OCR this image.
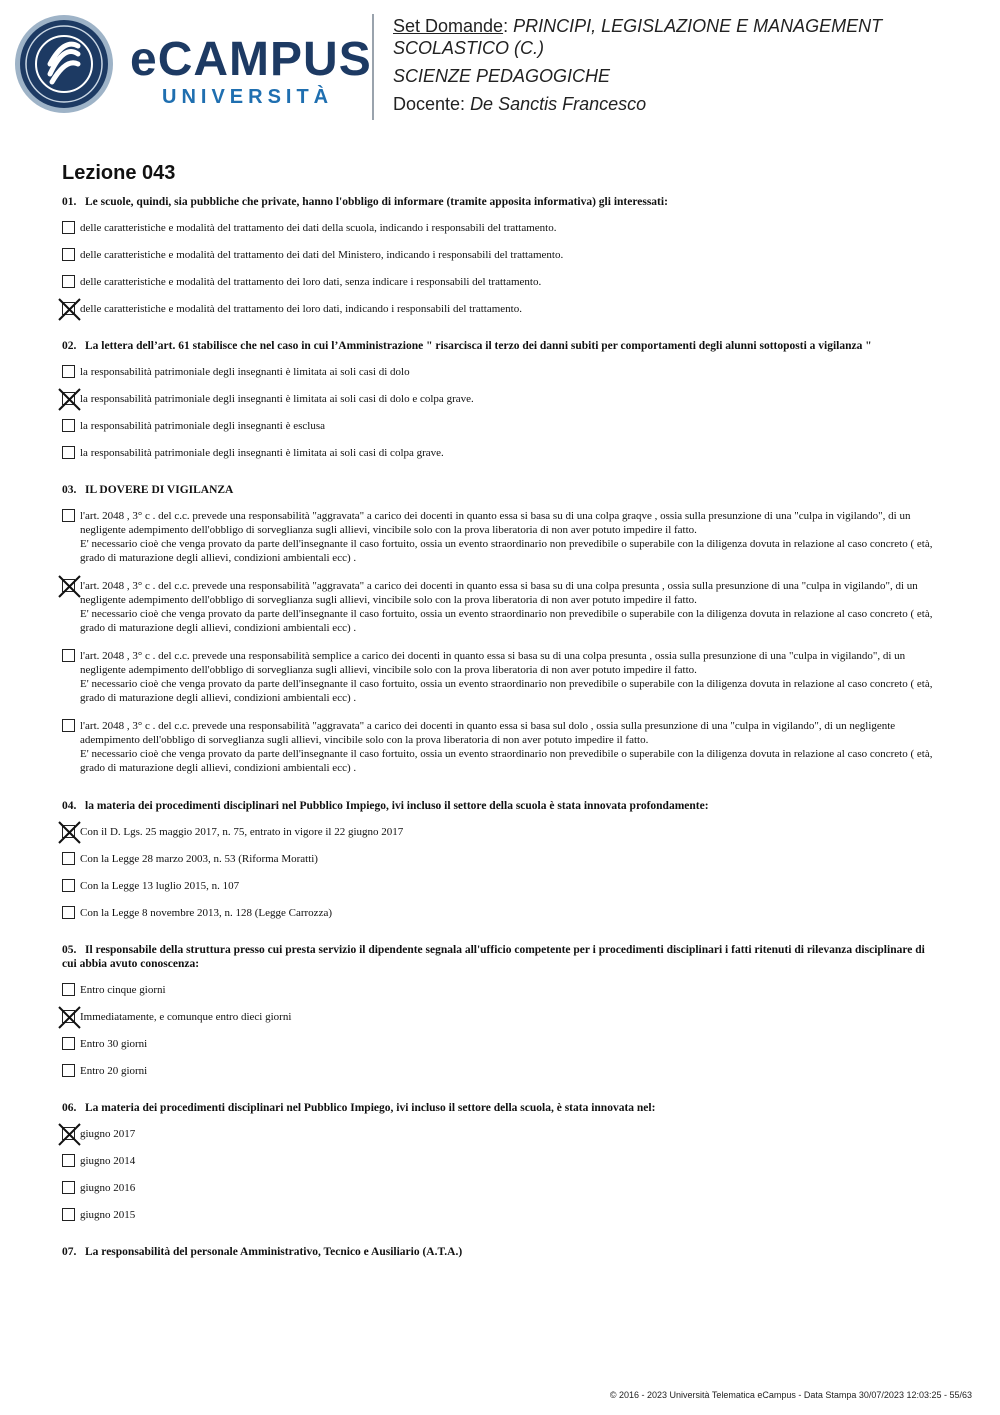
eCAMPUS
UNIVERSITÀ
Set Domande: PRINCIPI, LEGISLAZIONE E MANAGEMENT SCOLASTICO (C.)
SCIENZE PEDAGOGICHE
Docente: De Sanctis Francesco
Lezione 043
01. Le scuole, quindi, sia pubbliche che private, hanno l'obbligo di informare (tramite apposita informativa) gli interessati:
delle caratteristiche e modalità del trattamento dei dati della scuola, indicando i responsabili del trattamento.
delle caratteristiche e modalità del trattamento dei dati del Ministero, indicando i responsabili del trattamento.
delle caratteristiche e modalità del trattamento dei loro dati, senza indicare i responsabili del trattamento.
delle caratteristiche e modalità del trattamento dei loro dati, indicando i responsabili del trattamento.
02. La lettera dell’art. 61 stabilisce che nel caso in cui l’Amministrazione " risarcisca il terzo dei danni subiti per comportamenti degli alunni sottoposti a vigilanza "
la responsabilità patrimoniale degli insegnanti è limitata ai soli casi di dolo
la responsabilità patrimoniale degli insegnanti è limitata ai soli casi di dolo e colpa grave.
la responsabilità patrimoniale degli insegnanti è esclusa
la responsabilità patrimoniale degli insegnanti è limitata ai soli casi di colpa grave.
03. IL DOVERE DI VIGILANZA
l'art. 2048 , 3° c . del c.c. prevede una responsabilità "aggravata" a carico dei docenti in quanto essa si basa su di una colpa graqve , ossia sulla presunzione di una "culpa in vigilando", di un negligente adempimento dell'obbligo di sorveglianza sugli allievi, vincibile solo con la prova liberatoria di non aver potuto impedire il fatto.
E' necessario cioè che venga provato da parte dell'insegnante il caso fortuito, ossia un evento straordinario non prevedibile o superabile con la diligenza dovuta in relazione al caso concreto ( età, grado di maturazione degli allievi, condizioni ambientali ecc) .
l'art. 2048 , 3° c . del c.c. prevede una responsabilità "aggravata" a carico dei docenti in quanto essa si basa su di una colpa presunta , ossia sulla presunzione di una "culpa in vigilando", di un negligente adempimento dell'obbligo di sorveglianza sugli allievi, vincibile solo con la prova liberatoria di non aver potuto impedire il fatto.
E' necessario cioè che venga provato da parte dell'insegnante il caso fortuito, ossia un evento straordinario non prevedibile o superabile con la diligenza dovuta in relazione al caso concreto ( età, grado di maturazione degli allievi, condizioni ambientali ecc) .
l'art. 2048 , 3° c . del c.c. prevede una responsabilità semplice a carico dei docenti in quanto essa si basa su di una colpa presunta , ossia sulla presunzione di una "culpa in vigilando", di un negligente adempimento dell'obbligo di sorveglianza sugli allievi, vincibile solo con la prova liberatoria di non aver potuto impedire il fatto.
E' necessario cioè che venga provato da parte dell'insegnante il caso fortuito, ossia un evento straordinario non prevedibile o superabile con la diligenza dovuta in relazione al caso concreto ( età, grado di maturazione degli allievi, condizioni ambientali ecc) .
l'art. 2048 , 3° c . del c.c. prevede una responsabilità "aggravata" a carico dei docenti in quanto essa si basa sul dolo , ossia sulla presunzione di una "culpa in vigilando", di un negligente adempimento dell'obbligo di sorveglianza sugli allievi, vincibile solo con la prova liberatoria di non aver potuto impedire il fatto.
E' necessario cioè che venga provato da parte dell'insegnante il caso fortuito, ossia un evento straordinario non prevedibile o superabile con la diligenza dovuta in relazione al caso concreto ( età, grado di maturazione degli allievi, condizioni ambientali ecc) .
04. la materia dei procedimenti disciplinari nel Pubblico Impiego, ivi incluso il settore della scuola è stata innovata profondamente:
Con il D. Lgs. 25 maggio 2017, n. 75, entrato in vigore il 22 giugno 2017
Con la Legge 28 marzo 2003, n. 53 (Riforma Moratti)
Con la Legge 13 luglio 2015, n. 107
Con la Legge 8 novembre 2013, n. 128 (Legge Carrozza)
05. Il responsabile della struttura presso cui presta servizio il dipendente segnala all'ufficio competente per i procedimenti disciplinari i fatti ritenuti di rilevanza disciplinare di cui abbia avuto conoscenza:
Entro cinque giorni
Immediatamente, e comunque entro dieci giorni
Entro 30 giorni
Entro 20 giorni
06. La materia dei procedimenti disciplinari nel Pubblico Impiego, ivi incluso il settore della scuola, è stata innovata nel:
giugno 2017
giugno 2014
giugno 2016
giugno 2015
07. La responsabilità del personale Amministrativo, Tecnico e Ausiliario (A.T.A.)
© 2016 - 2023 Università Telematica eCampus - Data Stampa 30/07/2023 12:03:25 - 55/63
